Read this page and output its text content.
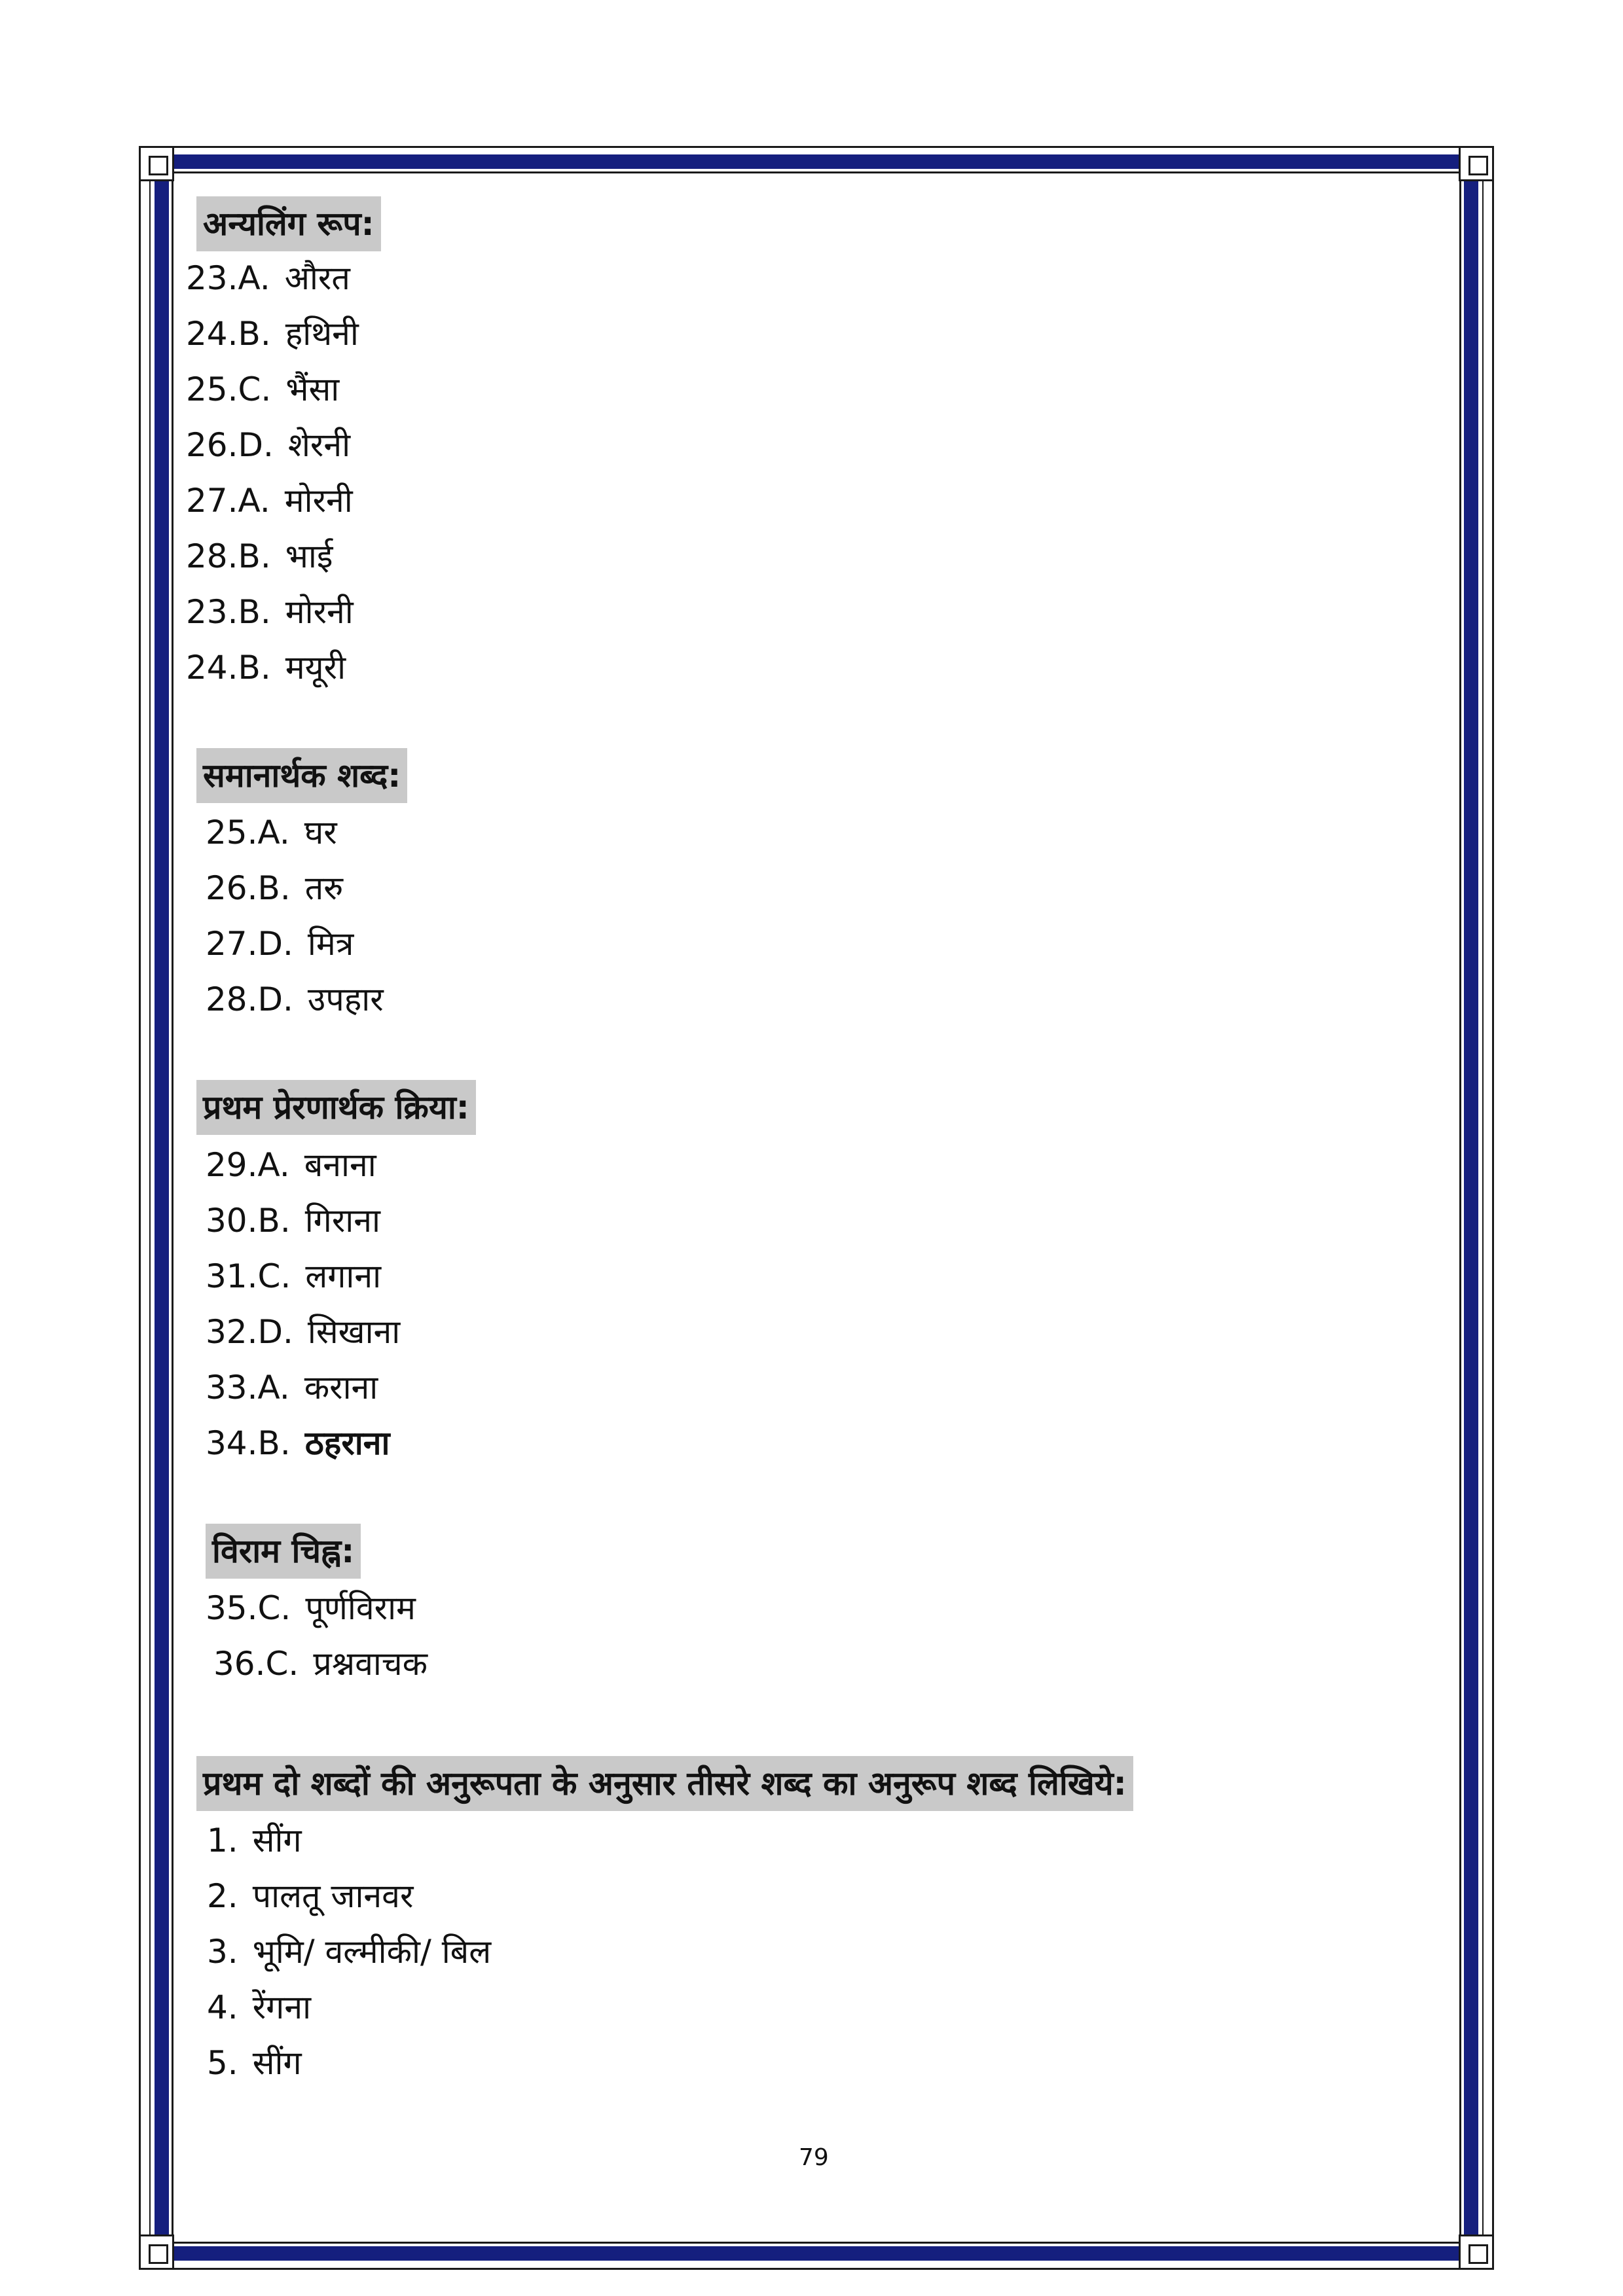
अन्यलिंग रूप:
23.A. औरत
24.B. हथिनी
25.C. भैंसा
26.D. शेरनी
27.A. मोरनी
28.B. भाई
23.B. मोरनी
24.B. मयूरी
समानार्थक शब्द:
25.A. घर
26.B. तरु
27.D. मित्र
28.D. उपहार
प्रथम प्रेरणार्थक क्रिया:
29.A. बनाना
30.B. गिराना
31.C. लगाना
32.D. सिखाना
33.A. कराना
34.B. ठहराना
विराम चिह्न:
35.C. पूर्णविराम
36.C. प्रश्नवाचक
प्रथम दो शब्दों की अनुरूपता के अनुसार तीसरे शब्द का अनुरूप शब्द लिखिये:
1. सींग
2. पालतू जानवर
3. भूमि/ वल्मीकी/ बिल
4. रेंगना
5. सींग
79
